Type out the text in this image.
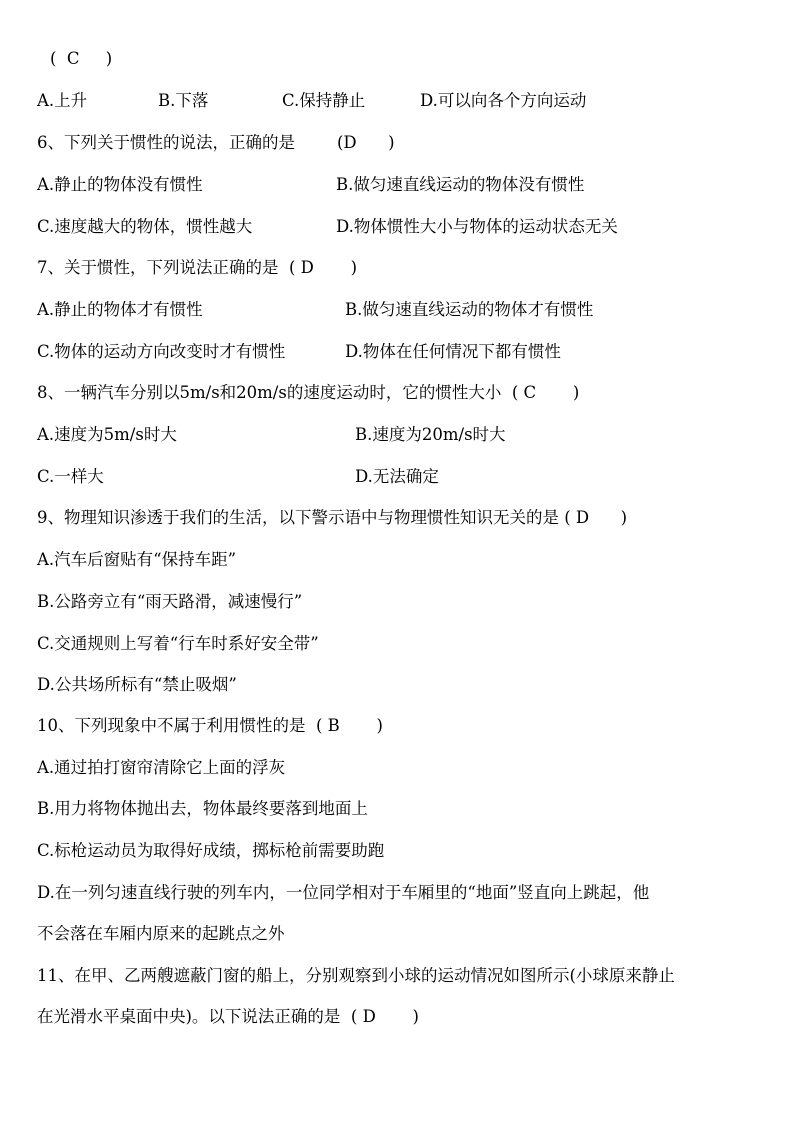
(  C     )
A.上升	B.下落	C.保持静止	D.可以向各个方向运动
6、下列关于惯性的说法，正确的是        (D      )
A.静止的物体没有惯性	B.做匀速直线运动的物体没有惯性
C.速度越大的物体，惯性越大	D.物体惯性大小与物体的运动状态无关
7、关于惯性，下列说法正确的是  ( D       )
A.静止的物体才有惯性	B.做匀速直线运动的物体才有惯性
C.物体的运动方向改变时才有惯性	D.物体在任何情况下都有惯性
8、一辆汽车分别以5m/s和20m/s的速度运动时，它的惯性大小  ( C       )
A.速度为5m/s时大	B.速度为20m/s时大
C.一样大	D.无法确定
9、物理知识渗透于我们的生活，以下警示语中与物理惯性知识无关的是 ( D      )
A.汽车后窗贴有“保持车距”
B.公路旁立有“雨天路滑，减速慢行”
C.交通规则上写着“行车时系好安全带”
D.公共场所标有“禁止吸烟”
10、下列现象中不属于利用惯性的是  ( B       )
A.通过拍打窗帘清除它上面的浮灰
B.用力将物体抛出去，物体最终要落到地面上
C.标枪运动员为取得好成绩，掷标枪前需要助跑
D.在一列匀速直线行驶的列车内，一位同学相对于车厢里的“地面”竖直向上跳起，他
不会落在车厢内原来的起跳点之外
11、在甲、乙两艘遮蔽门窗的船上，分别观察到小球的运动情况如图所示(小球原来静止
在光滑水平桌面中央)。以下说法正确的是  ( D       )
